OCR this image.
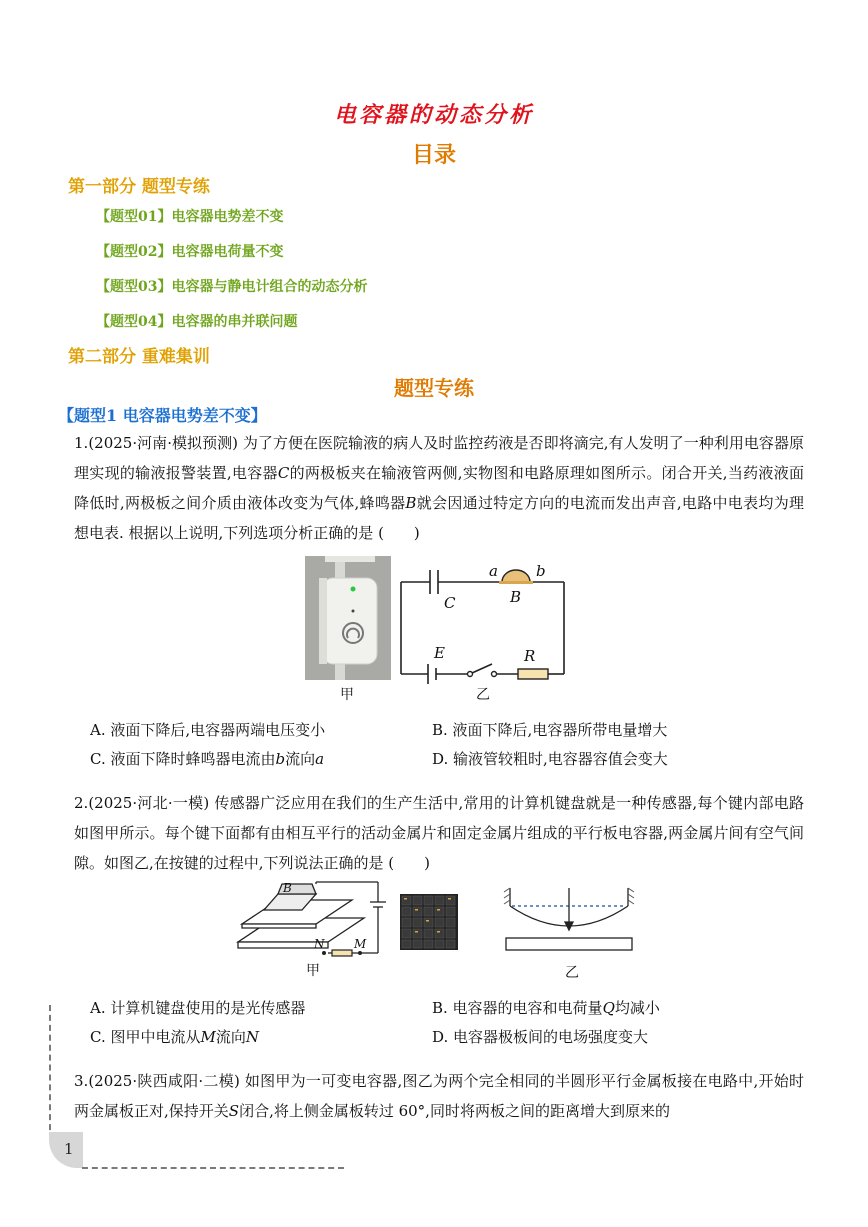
电容器的动态分析
目录
第一部分 题型专练
【题型01】电容器电势差不变
【题型02】电容器电荷量不变
【题型03】电容器与静电计组合的动态分析
【题型04】电容器的串并联问题
第二部分 重难集训
题型专练
【题型1 电容器电势差不变】
1.(2025·河南·模拟预测) 为了方便在医院输液的病人及时监控药液是否即将滴完,有人发明了一种利用电容器原理实现的输液报警装置,电容器C的两极板夹在输液管两侧,实物图和电路原理如图所示。闭合开关,当药液液面降低时,两极板之间介质由液体改变为气体,蜂鸣器B就会因通过特定方向的电流而发出声音,电路中电表均为理想电表. 根据以上说明,下列选项分析正确的是 (　　)
甲
C
a	b
B
E	R
乙
A. 液面下降后,电容器两端电压变小	B. 液面下降后,电容器所带电量增大
C. 液面下降时蜂鸣器电流由b流向a	D. 输液管较粗时,电容器容值会变大
2.(2025·河北·一模) 传感器广泛应用在我们的生产生活中,常用的计算机键盘就是一种传感器,每个键内部电路如图甲所示。每个键下面都有由相互平行的活动金属片和固定金属片组成的平行板电容器,两金属片间有空气间隙。如图乙,在按键的过程中,下列说法正确的是 (　　)
B
N M
甲	乙
A. 计算机键盘使用的是光传感器	B. 电容器的电容和电荷量Q均减小
C. 图甲中电流从M流向N	D. 电容器极板间的电场强度变大
3.(2025·陕西咸阳·二模) 如图甲为一可变电容器,图乙为两个完全相同的半圆形平行金属板接在电路中,开始时两金属板正对,保持开关S闭合,将上侧金属板转过 60°,同时将两板之间的距离增大到原来的
1
